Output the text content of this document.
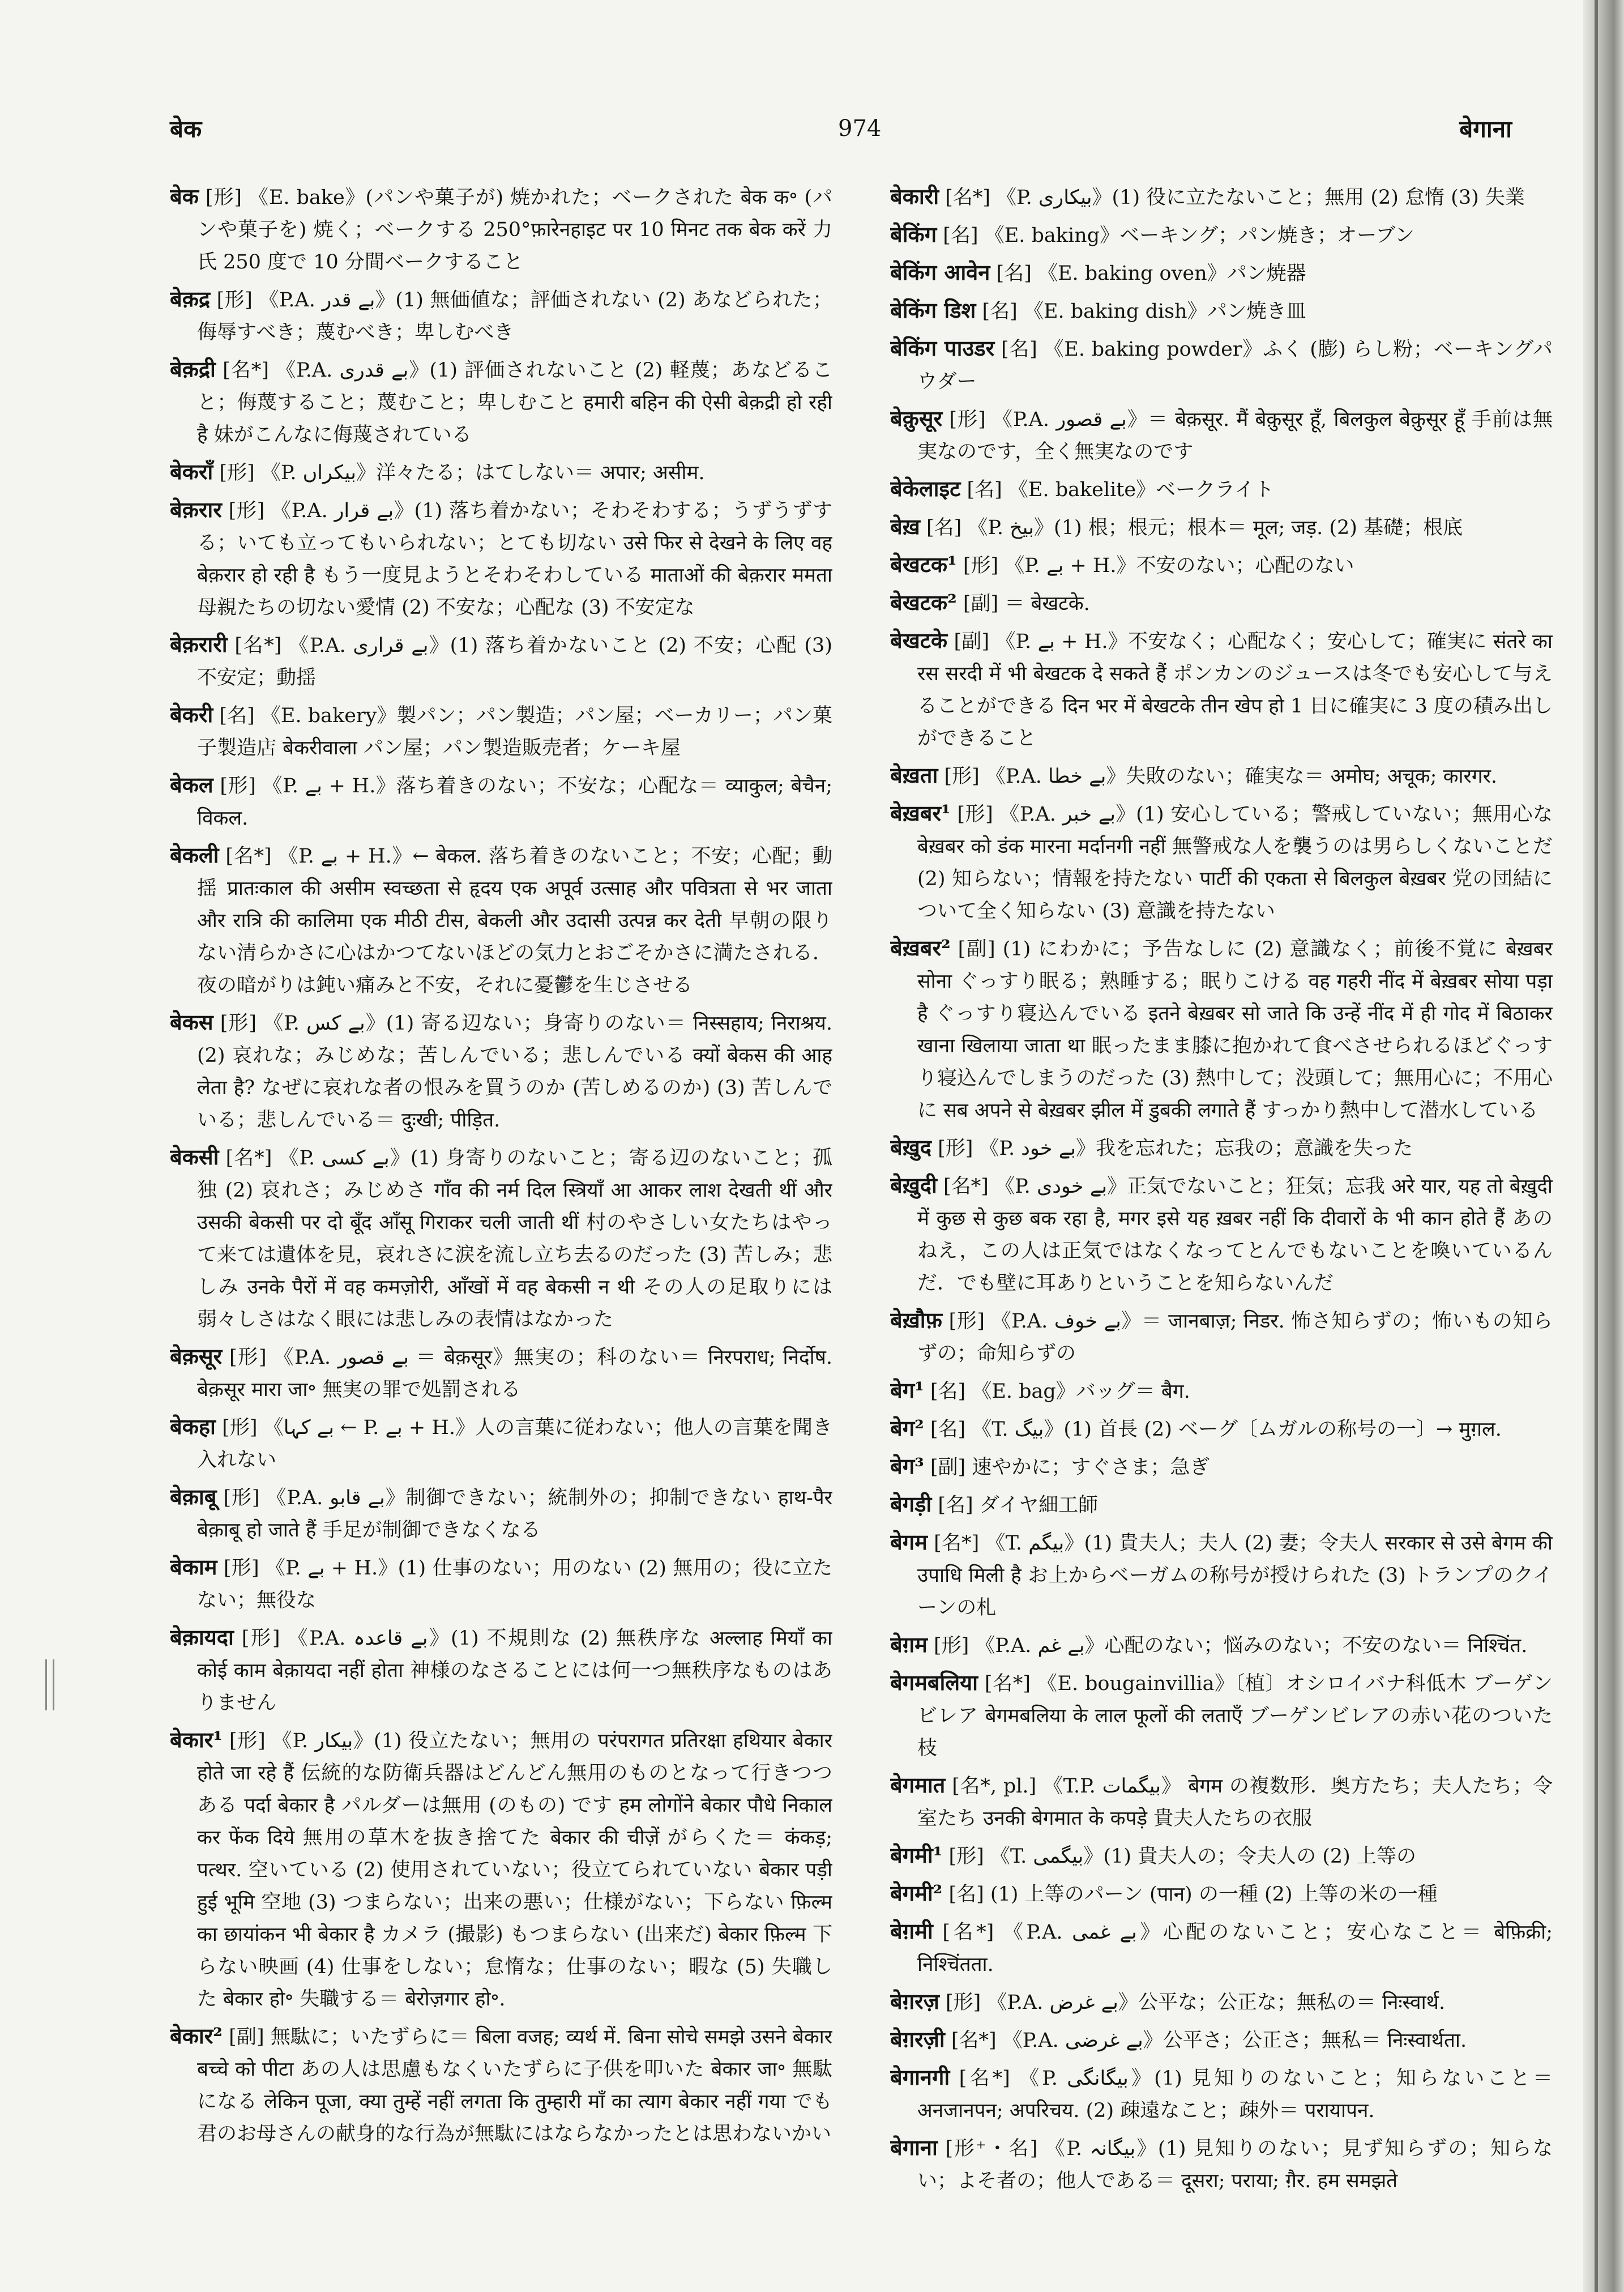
बेक	974	बेगाना

बेक [形] 《E. bake》(パンや菓子が) 焼かれた；ベークされた बेक क॰ (パンや菓子を) 焼く；ベークする 250°फ़ारेनहाइट पर 10 मिनट तक बेक करें 力氏 250 度で 10 分間ベークすること

बेक़द्र [形] 《P.A. بے قدر》(1) 無価値な；評価されない (2) あなどられた；侮辱すべき；蔑むべき；卑しむべき

बेक़द्री [名*] 《P.A. بے قدری》(1) 評価されないこと (2) 軽蔑；あなどること；侮蔑すること；蔑むこと；卑しむこと हमारी बहिन की ऐसी बेक़द्री हो रही है 妹がこんなに侮蔑されている

बेकराँ [形] 《P. بیکراں》洋々たる；はてしない＝ अपार; असीम.

बेक़रार [形] 《P.A. بے قرار》(1) 落ち着かない；そわそわする；うずうずする；いても立ってもいられない；とても切ない उसे फिर से देखने के लिए वह बेक़रार हो रही है もう一度見ようとそわそわしている माताओं की बेक़रार ममता 母親たちの切ない愛情 (2) 不安な；心配な (3) 不安定な

बेक़रारी [名*] 《P.A. بے قراری》(1) 落ち着かないこと (2) 不安；心配 (3) 不安定；動揺

बेकरी [名] 《E. bakery》製パン；パン製造；パン屋；ベーカリー；パン菓子製造店 बेकरीवाला パン屋；パン製造販売者；ケーキ屋

बेकल [形] 《P. بے + H.》落ち着きのない；不安な；心配な＝ व्याकुल; बेचैन; विकल.

बेकली [名*] 《P. بے + H.》← बेकल. 落ち着きのないこと；不安；心配；動揺 प्रातःकाल की असीम स्वच्छता से हृदय एक अपूर्व उत्साह और पवित्रता से भर जाता और रात्रि की कालिमा एक मीठी टीस, बेकली और उदासी उत्पन्न कर देती 早朝の限りない清らかさに心はかつてないほどの気力とおごそかさに満たされる．夜の暗がりは鈍い痛みと不安，それに憂鬱を生じさせる

बेकस [形] 《P. بے کس》(1) 寄る辺ない；身寄りのない＝ निस्सहाय; निराश्रय. (2) 哀れな；みじめな；苦しんでいる；悲しんでいる क्यों बेकस की आह लेता है? なぜに哀れな者の恨みを買うのか (苦しめるのか) (3) 苦しんでいる；悲しんでいる＝ दुःखी; पीड़ित.

बेकसी [名*] 《P. بے کسی》(1) 身寄りのないこと；寄る辺のないこと；孤独 (2) 哀れさ；みじめさ गाँव की नर्म दिल स्त्रियाँ आ आकर लाश देखती थीं और उसकी बेकसी पर दो बूँद आँसू गिराकर चली जाती थीं 村のやさしい女たちはやって来ては遺体を見，哀れさに涙を流し立ち去るのだった (3) 苦しみ；悲しみ उनके पैरों में वह कमज़ोरी, आँखों में वह बेकसी न थी その人の足取りには弱々しさはなく眼には悲しみの表情はなかった

बेक़सूर [形] 《P.A. بے قصور ＝ बेक़सूर》無実の；科のない＝ निरपराध; निर्दोष. बेक़सूर मारा जा॰ 無実の罪で処罰される

बेकहा [形] 《بے کہا ← P. بے + H.》人の言葉に従わない；他人の言葉を聞き入れない

बेक़ाबू [形] 《P.A. بے قابو》制御できない；統制外の；抑制できない हाथ-पैर बेक़ाबू हो जाते हैं 手足が制御できなくなる

बेकाम [形] 《P. بے + H.》(1) 仕事のない；用のない (2) 無用の；役に立たない；無役な

बेक़ायदा [形] 《P.A. بے قاعدہ》(1) 不規則な (2) 無秩序な अल्लाह मियाँ का कोई काम बेक़ायदा नहीं होता 神様のなさることには何一つ無秩序なものはありません

बेकार¹ [形] 《P. بیکار》(1) 役立たない；無用の परंपरागत प्रतिरक्षा हथियार बेकार होते जा रहे हैं 伝統的な防衛兵器はどんどん無用のものとなって行きつつある पर्दा बेकार है パルダーは無用 (のもの) です हम लोगोंने बेकार पौधे निकाल कर फेंक दिये 無用の草木を抜き捨てた बेकार की चीज़ें がらくた＝ कंकड़; पत्थर. 空いている (2) 使用されていない；役立てられていない बेकार पड़ी हुई भूमि 空地 (3) つまらない；出来の悪い；仕様がない；下らない फ़िल्म का छायांकन भी बेकार है カメラ (撮影) もつまらない (出来だ) बेकार फ़िल्म 下らない映画 (4) 仕事をしない；怠惰な；仕事のない；暇な (5) 失職した बेकार हो॰ 失職する＝ बेरोज़गार हो॰.

बेकार² [副] 無駄に；いたずらに＝ बिला वजह; व्यर्थ में. बिना सोचे समझे उसने बेकार बच्चे को पीटा あの人は思慮もなくいたずらに子供を叩いた बेकार जा॰ 無駄になる लेकिन पूजा, क्या तुम्हें नहीं लगता कि तुम्हारी माँ का त्याग बेकार नहीं गया でも君のお母さんの献身的な行為が無駄にはならなかったとは思わないかい

बेकारी [名*] 《P. بیکاری》(1) 役に立たないこと；無用 (2) 怠惰 (3) 失業

बेकिंग [名] 《E. baking》ベーキング；パン焼き；オーブン

बेकिंग आवेन [名] 《E. baking oven》パン焼器

बेकिंग डिश [名] 《E. baking dish》パン焼き皿

बेकिंग पाउडर [名] 《E. baking powder》ふく (膨) らし粉；ベーキングパウダー

बेक़ुसूर [形] 《P.A. بے قصور》＝ बेक़सूर. मैं बेक़ुसूर हूँ, बिलकुल बेक़ुसूर हूँ 手前は無実なのです，全く無実なのです

बेकेलाइट [名] 《E. bakelite》ベークライト

बेख़ [名] 《P. بیخ》(1) 根；根元；根本＝ मूल; जड़. (2) 基礎；根底

बेखटक¹ [形] 《P. بے + H.》不安のない；心配のない

बेखटक² [副] ＝ बेखटके.

बेखटके [副] 《P. بے + H.》不安なく；心配なく；安心して；確実に संतरे का रस सरदी में भी बेखटक दे सकते हैं ポンカンのジュースは冬でも安心して与えることができる दिन भर में बेखटके तीन खेप हो 1 日に確実に 3 度の積み出しができること

बेख़ता [形] 《P.A. بے خطا》失敗のない；確実な＝ अमोघ; अचूक; कारगर.

बेख़बर¹ [形] 《P.A. بے خبر》(1) 安心している；警戒していない；無用心な बेख़बर को डंक मारना मर्दानगी नहीं 無警戒な人を襲うのは男らしくないことだ (2) 知らない；情報を持たない पार्टी की एकता से बिलकुल बेख़बर 党の団結について全く知らない (3) 意識を持たない

बेख़बर² [副] (1) にわかに；予告なしに (2) 意識なく；前後不覚に बेख़बर सोना ぐっすり眠る；熟睡する；眠りこける वह गहरी नींद में बेख़बर सोया पड़ा है ぐっすり寝込んでいる इतने बेख़बर सो जाते कि उन्हें नींद में ही गोद में बिठाकर खाना खिलाया जाता था 眠ったまま膝に抱かれて食べさせられるほどぐっすり寝込んでしまうのだった (3) 熱中して；没頭して；無用心に；不用心に सब अपने से बेख़बर झील में डुबकी लगाते हैं すっかり熱中して潜水している

बेख़ुद [形] 《P. بے خود》我を忘れた；忘我の；意識を失った

बेख़ुदी [名*] 《P. بے خودی》正気でないこと；狂気；忘我 अरे यार, यह तो बेख़ुदी में कुछ से कुछ बक रहा है, मगर इसे यह ख़बर नहीं कि दीवारों के भी कान होते हैं あのねえ，この人は正気ではなくなってとんでもないことを喚いているんだ．でも壁に耳ありということを知らないんだ

बेख़ौफ़ [形] 《P.A. بے خوف》＝ जानबाज़; निडर. 怖さ知らずの；怖いもの知らずの；命知らずの

बेग¹ [名] 《E. bag》バッグ＝ बैग.

बेग² [名] 《T. بیگ》(1) 首長 (2) ベーグ〔ムガルの称号の一〕→ मुग़ल.

बेग³ [副] 速やかに；すぐさま；急ぎ

बेगड़ी [名] ダイヤ細工師

बेगम [名*] 《T. بیگم》(1) 貴夫人；夫人 (2) 妻；令夫人 सरकार से उसे बेगम की उपाधि मिली है お上からベーガムの称号が授けられた (3) トランプのクイーンの札

बेग़म [形] 《P.A. بے غم》心配のない；悩みのない；不安のない＝ निश्चिंत.

बेगमबलिया [名*] 《E. bougainvillia》〔植〕オシロイバナ科低木 ブーゲンビレア बेगमबलिया के लाल फूलों की लताएँ ブーゲンビレアの赤い花のついた枝

बेगमात [名*, pl.] 《T.P. بیگمات》 बेगम の複数形．奥方たち；夫人たち；令室たち उनकी बेगमात के कपड़े 貴夫人たちの衣服

बेगमी¹ [形] 《T. بیگمی》(1) 貴夫人の；令夫人の (2) 上等の

बेगमी² [名] (1) 上等のパーン (पान) の一種 (2) 上等の米の一種

बेग़मी [名*] 《P.A. بے غمی》心配のないこと；安心なこと＝ बेफ़िक्री; निश्चिंतता.

बेग़रज़ [形] 《P.A. بے غرض》公平な；公正な；無私の＝ निःस्वार्थ.

बेग़रज़ी [名*] 《P.A. بے غرضی》公平さ；公正さ；無私＝ निःस्वार्थता.

बेगानगी [名*] 《P. بیگانگی》(1) 見知りのないこと；知らないこと＝ अनजानपन; अपरिचय. (2) 疎遠なこと；疎外＝ परायापन.

बेगाना [形⁺・名] 《P. بیگانہ》(1) 見知りのない；見ず知らずの；知らない；よそ者の；他人である＝ दूसरा; पराया; ग़ैर. हम समझते
